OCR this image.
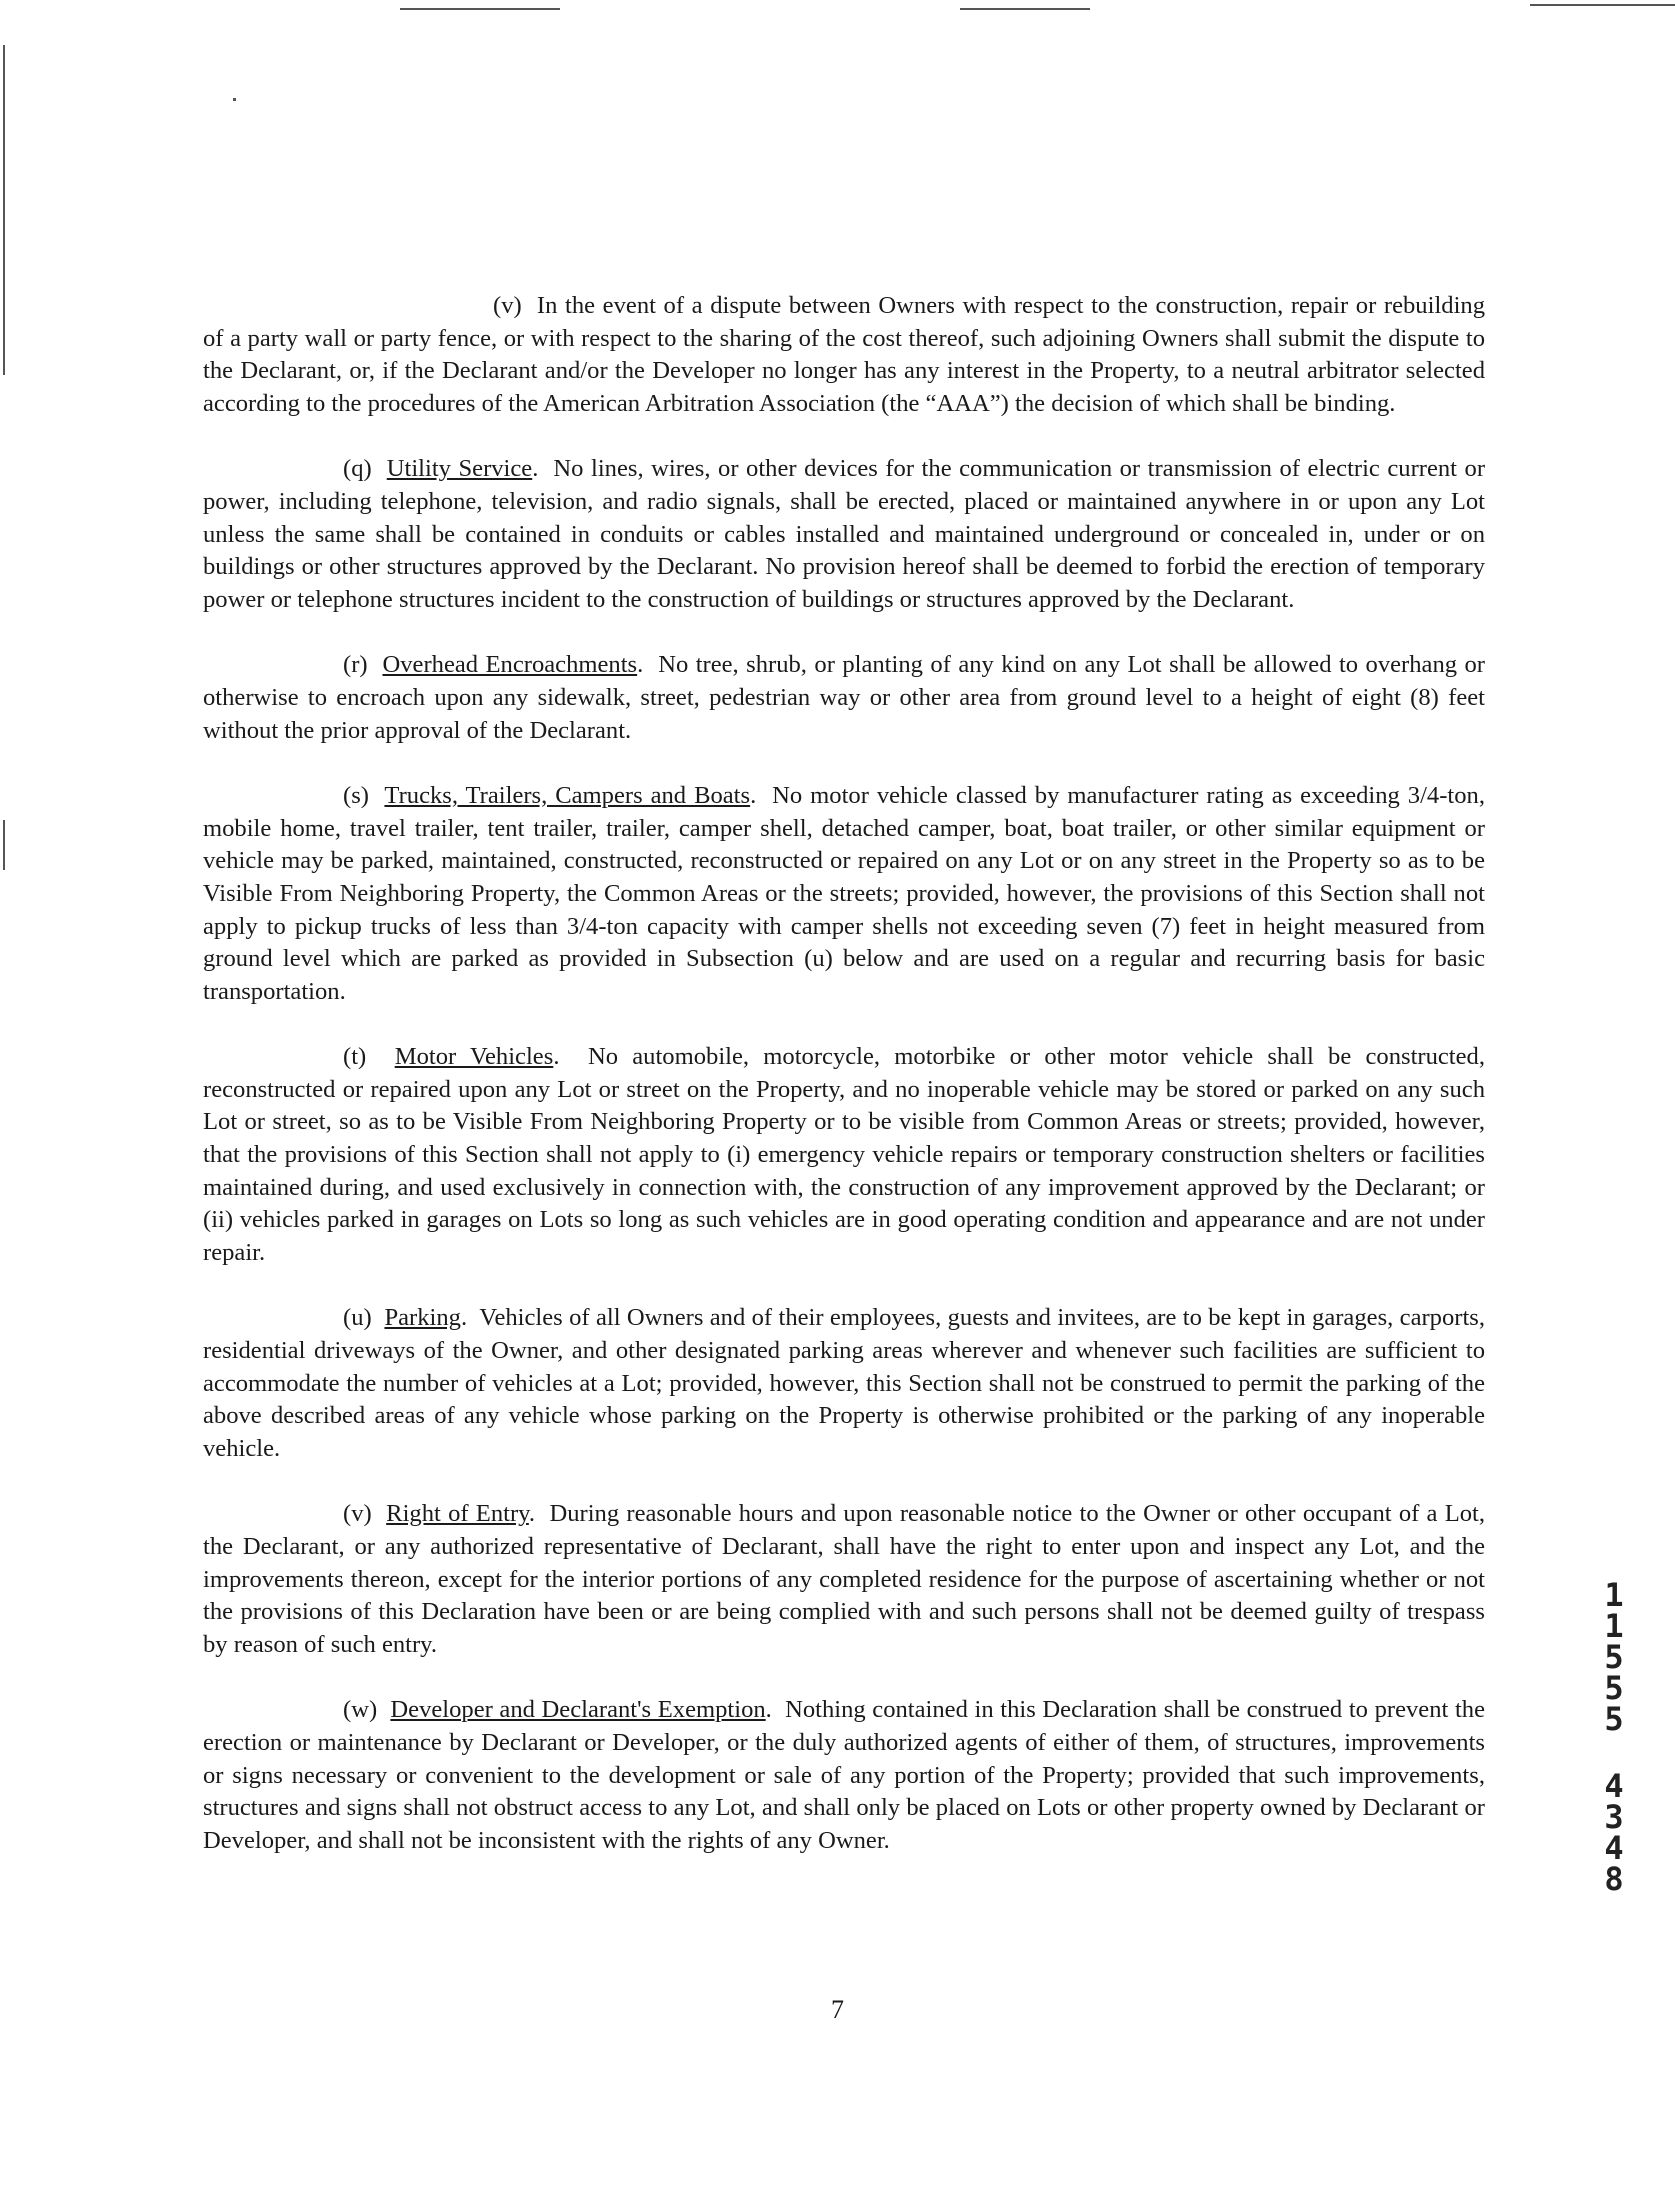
(v) In the event of a dispute between Owners with respect to the construction, repair or rebuilding of a party wall or party fence, or with respect to the sharing of the cost thereof, such adjoining Owners shall submit the dispute to the Declarant, or, if the Declarant and/or the Developer no longer has any interest in the Property, to a neutral arbitrator selected according to the procedures of the American Arbitration Association (the “AAA”) the decision of which shall be binding.

(q) Utility Service.  No lines, wires, or other devices for the communication or transmission of electric current or power, including telephone, television, and radio signals, shall be erected, placed or maintained anywhere in or upon any Lot unless the same shall be contained in conduits or cables installed and maintained underground or concealed in, under or on buildings or other structures approved by the Declarant. No provision hereof shall be deemed to forbid the erection of temporary power or telephone structures incident to the construction of buildings or structures approved by the Declarant.

(r) Overhead Encroachments.  No tree, shrub, or planting of any kind on any Lot shall be allowed to overhang or otherwise to encroach upon any sidewalk, street, pedestrian way or other area from ground level to a height of eight (8) feet without the prior approval of the Declarant.

(s) Trucks, Trailers, Campers and Boats.  No motor vehicle classed by manufacturer rating as exceeding 3/4-ton, mobile home, travel trailer, tent trailer, trailer, camper shell, detached camper, boat, boat trailer, or other similar equipment or vehicle may be parked, maintained, constructed, reconstructed or repaired on any Lot or on any street in the Property so as to be Visible From Neighboring Property, the Common Areas or the streets; provided, however, the provisions of this Section shall not apply to pickup trucks of less than 3/4-ton capacity with camper shells not exceeding seven (7) feet in height measured from ground level which are parked as provided in Subsection (u) below and are used on a regular and recurring basis for basic transportation.

(t) Motor Vehicles.  No automobile, motorcycle, motorbike or other motor vehicle shall be constructed, reconstructed or repaired upon any Lot or street on the Property, and no inoperable vehicle may be stored or parked on any such Lot or street, so as to be Visible From Neighboring Property or to be visible from Common Areas or streets; provided, however, that the provisions of this Section shall not apply to (i) emergency vehicle repairs or temporary construction shelters or facilities maintained during, and used exclusively in connection with, the construction of any improvement approved by the Declarant; or (ii) vehicles parked in garages on Lots so long as such vehicles are in good operating condition and appearance and are not under repair.

(u) Parking.  Vehicles of all Owners and of their employees, guests and invitees, are to be kept in garages, carports, residential driveways of the Owner, and other designated parking areas wherever and whenever such facilities are sufficient to accommodate the number of vehicles at a Lot; provided, however, this Section shall not be construed to permit the parking of the above described areas of any vehicle whose parking on the Property is otherwise prohibited or the parking of any inoperable vehicle.

(v) Right of Entry.  During reasonable hours and upon reasonable notice to the Owner or other occupant of a Lot, the Declarant, or any authorized representative of Declarant, shall have the right to enter upon and inspect any Lot, and the improvements thereon, except for the interior portions of any completed residence for the purpose of ascertaining whether or not the provisions of this Declaration have been or are being complied with and such persons shall not be deemed guilty of trespass by reason of such entry.

(w) Developer and Declarant's Exemption.  Nothing contained in this Declaration shall be construed to prevent the erection or maintenance by Declarant or Developer, or the duly authorized agents of either of them, of structures, improvements or signs necessary or convenient to the development or sale of any portion of the Property; provided that such improvements, structures and signs shall not obstruct access to any Lot, and shall only be placed on Lots or other property owned by Declarant or Developer, and shall not be inconsistent with the rights of any Owner.

7
1
1
5
5
5
4
3
4
8
